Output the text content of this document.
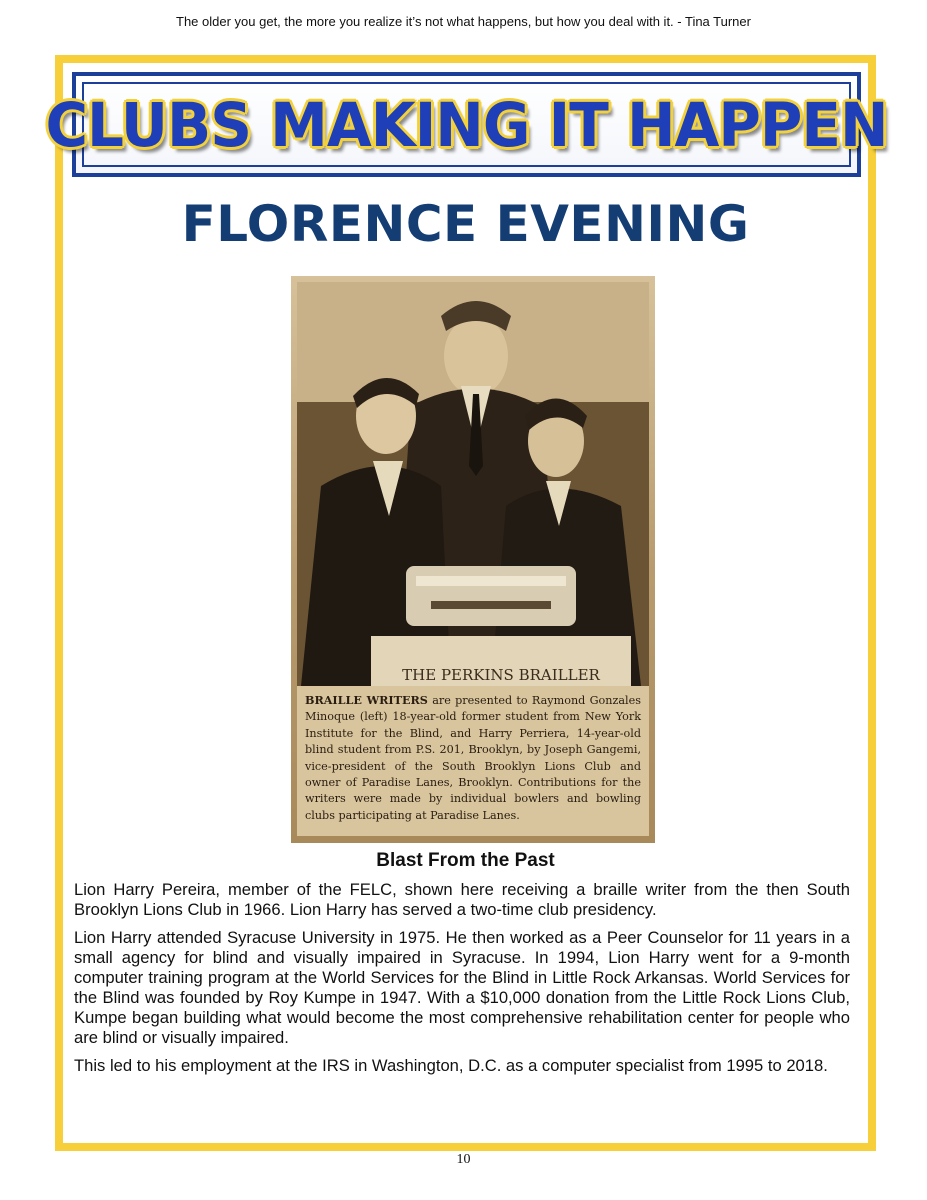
The older you get, the more you realize it’s not what happens, but how you deal with it. - Tina Turner
CLUBS MAKING IT HAPPEN
FLORENCE EVENING
THE PERKINS BRAILLER
BRAILLE WRITERS are presented to Raymond Gonzales Minoque (left) 18-year-old former student from New York Institute for the Blind, and Harry Perriera, 14-year-old blind student from P.S. 201, Brooklyn, by Joseph Gangemi, vice-president of the South Brooklyn Lions Club and owner of Paradise Lanes, Brooklyn. Contributions for the writers were made by individual bowlers and bowling clubs participating at Paradise Lanes.
Blast From the Past

Lion Harry Pereira, member of the FELC, shown here receiving a braille writer from the then South Brooklyn Lions Club in 1966. Lion Harry has served a two-time club presidency.

Lion Harry attended Syracuse University in 1975. He then worked as a Peer Counselor for 11 years in a small agency for blind and visually impaired in Syracuse. In 1994, Lion Harry went for a 9-month computer training program at the World Services for the Blind in Little Rock Arkansas. World Services for the Blind was founded by Roy Kumpe in 1947. With a $10,000 donation from the Little Rock Lions Club, Kumpe began building what would become the most comprehensive rehabilitation center for people who are blind or visually impaired.

This led to his employment at the IRS in Washington, D.C. as a computer specialist from 1995 to 2018.

10
